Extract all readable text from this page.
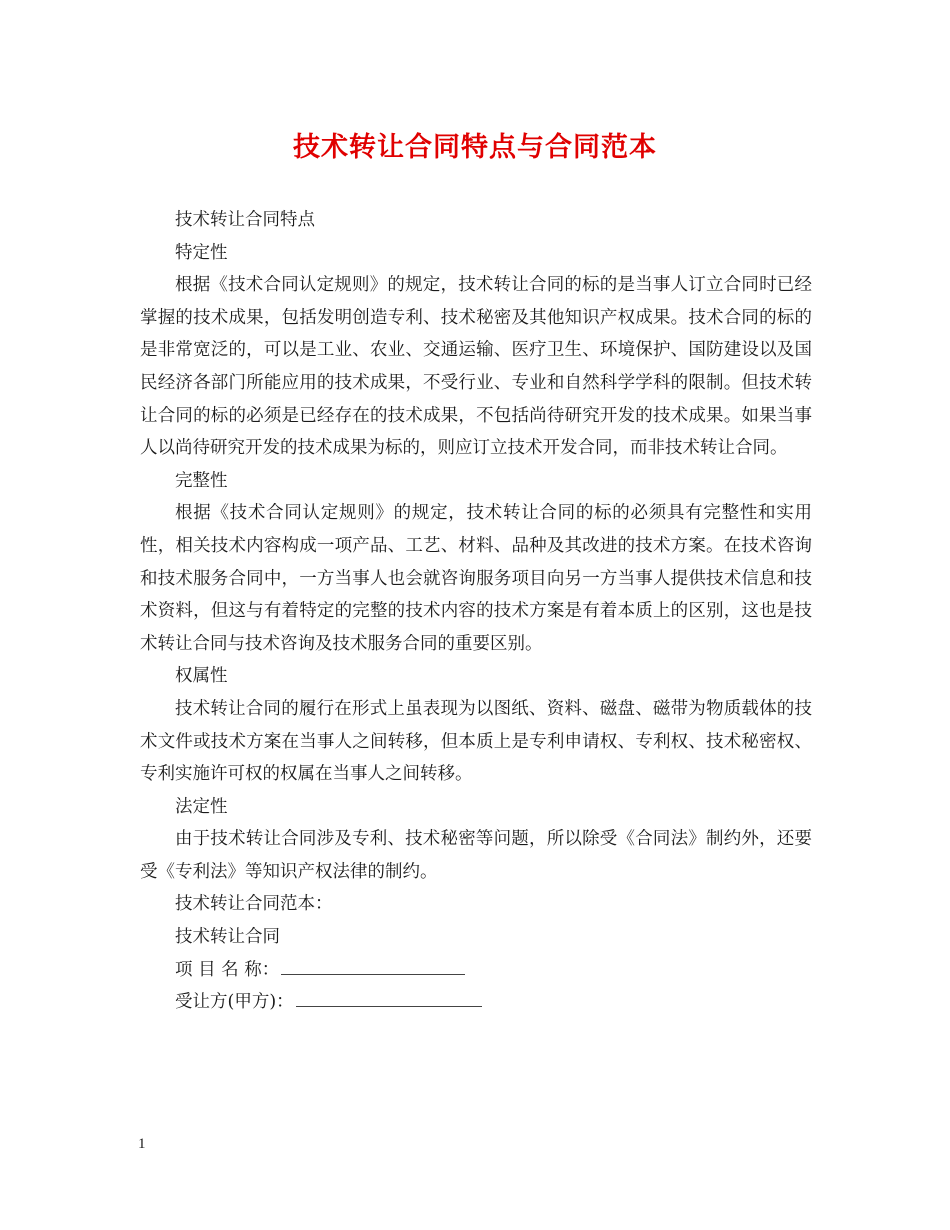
技术转让合同特点与合同范本

技术转让合同特点

特定性

根据《技术合同认定规则》的规定，技术转让合同的标的是当事人订立合同时已经掌握的技术成果，包括发明创造专利、技术秘密及其他知识产权成果。技术合同的标的是非常宽泛的，可以是工业、农业、交通运输、医疗卫生、环境保护、国防建设以及国民经济各部门所能应用的技术成果，不受行业、专业和自然科学学科的限制。但技术转让合同的标的必须是已经存在的技术成果，不包括尚待研究开发的技术成果。如果当事人以尚待研究开发的技术成果为标的，则应订立技术开发合同，而非技术转让合同。

完整性

根据《技术合同认定规则》的规定，技术转让合同的标的必须具有完整性和实用性，相关技术内容构成一项产品、工艺、材料、品种及其改进的技术方案。在技术咨询和技术服务合同中，一方当事人也会就咨询服务项目向另一方当事人提供技术信息和技术资料，但这与有着特定的完整的技术内容的技术方案是有着本质上的区别，这也是技术转让合同与技术咨询及技术服务合同的重要区别。

权属性

技术转让合同的履行在形式上虽表现为以图纸、资料、磁盘、磁带为物质载体的技术文件或技术方案在当事人之间转移，但本质上是专利申请权、专利权、技术秘密权、专利实施许可权的权属在当事人之间转移。

法定性

由于技术转让合同涉及专利、技术秘密等问题，所以除受《合同法》制约外，还要受《专利法》等知识产权法律的制约。

技术转让合同范本：

技术转让合同

项 目 名 称：

受让方(甲方)：

1
